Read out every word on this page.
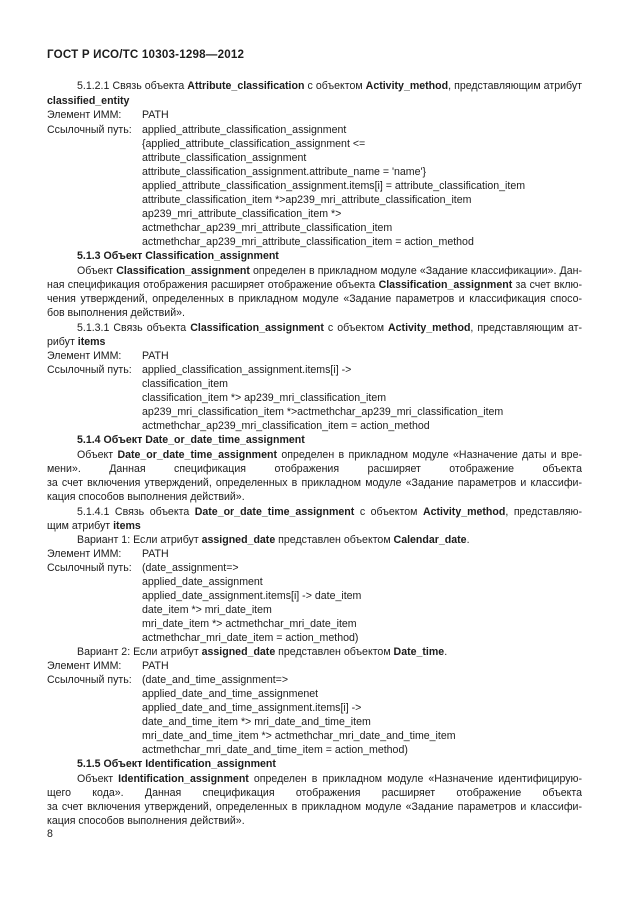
ГОСТ Р ИСО/ТС 10303-1298—2012
5.1.2.1 Связь объекта Attribute_classification с объектом Activity_method, представляющим атрибут
classified_entity
Элемент ИММ: PATH
Ссылочный путь: applied_attribute_classification_assignment
{applied_attribute_classification_assignment <=
attribute_classification_assignment
attribute_classification_assignment.attribute_name = 'name'}
applied_attribute_classification_assignment.items[i] = attribute_classification_item
attribute_classification_item *>ap239_mri_attribute_classification_item
ap239_mri_attribute_classification_item *>
actmethchar_ap239_mri_attribute_classification_item
actmethchar_ap239_mri_attribute_classification_item = action_method
5.1.3 Объект Classification_assignment
Объект Classification_assignment определен в прикладном модуле «Задание классификации». Дан-
ная спецификация отображения расширяет отображение объекта Classification_assignment за счет вклю-
чения утверждений, определенных в прикладном модуле «Задание параметров и классификация спосо-
бов выполнения действий».
5.1.3.1 Связь объекта Classification_assignment с объектом Activity_method, представляющим ат-
рибут items
Элемент ИММ: PATH
Ссылочный путь: applied_classification_assignment.items[i] ->
classification_item
classification_item *> ap239_mri_classification_item
ap239_mri_classification_item *>actmethchar_ap239_mri_classification_item
actmethchar_ap239_mri_classification_item = action_method
5.1.4 Объект Date_or_date_time_assignment
Объект Date_or_date_time_assignment определен в прикладном модуле «Назначение даты и вре-
мени». Данная спецификация отображения расширяет отображение объекта
за счет включения утверждений, определенных в прикладном модуле «Задание параметров и классифи-
кация способов выполнения действий».
5.1.4.1 Связь объекта Date_or_date_time_assignment с объектом Activity_method, представляю-
щим атрибут items
Вариант 1: Если атрибут assigned_date представлен объектом Calendar_date.
Элемент ИММ: PATH
Ссылочный путь: (date_assignment=>
applied_date_assignment
applied_date_assignment.items[i] -> date_item
date_item *> mri_date_item
mri_date_item *> actmethchar_mri_date_item
actmethchar_mri_date_item = action_method)
Вариант 2: Если атрибут assigned_date представлен объектом Date_time.
Элемент ИММ: PATH
Ссылочный путь: (date_and_time_assignment=>
applied_date_and_time_assignmenet
applied_date_and_time_assignment.items[i] ->
date_and_time_item *> mri_date_and_time_item
mri_date_and_time_item *> actmethchar_mri_date_and_time_item
actmethchar_mri_date_and_time_item = action_method)
5.1.5 Объект Identification_assignment
Объект Identification_assignment определен в прикладном модуле «Назначение идентифицирую-
щего кода». Данная спецификация отображения расширяет отображение объекта
за счет включения утверждений, определенных в прикладном модуле «Задание параметров и классифи-
кация способов выполнения действий».
8
